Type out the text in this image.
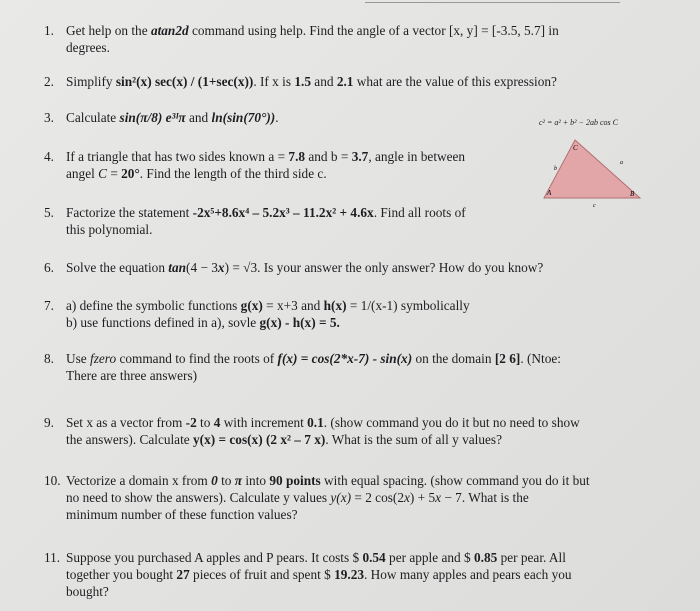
1. Get help on the atan2d command using help. Find the angle of a vector [x, y] = [-3.5, 5.7] in
degrees.
2. Simplify sin²(x) sec(x) / (1+sec(x)). If x is 1.5 and 2.1 what are the value of this expression?
3. Calculate sin(π/8) e³ᴵπ and ln(sin(70°)).
4. If a triangle that has two sides known a = 7.8 and b = 3.7, angle in between
angel C = 20°. Find the length of the third side c.
5. Factorize the statement -2x⁵+8.6x⁴ – 5.2x³ – 11.2x² + 4.6x. Find all roots of
this polynomial.
6. Solve the equation tan(4 − 3x) = √3. Is your answer the only answer? How do you know?
7. a) define the symbolic functions g(x) = x+3 and h(x) = 1/(x-1) symbolically
b) use functions defined in a), sovle g(x) - h(x) = 5.
8. Use fzero command to find the roots of f(x) = cos(2*x-7) - sin(x) on the domain [2 6]. (Ntoe:
There are three answers)
9. Set x as a vector from -2 to 4 with increment 0.1. (show command you do it but no need to show
the answers). Calculate y(x) = cos(x) (2 x² – 7 x). What is the sum of all y values?
10. Vectorize a domain x from 0 to π into 90 points with equal spacing. (show command you do it but
no need to show the answers). Calculate y values y(x) = 2 cos(2x) + 5x − 7. What is the
minimum number of these function values?
11. Suppose you purchased A apples and P pears. It costs $ 0.54 per apple and $ 0.85 per pear. All
together you bought 27 pieces of fruit and spent $ 19.23. How many apples and pears each you
bought?
c² = a² + b² − 2ab cos C
C
A	B
b
a
c
